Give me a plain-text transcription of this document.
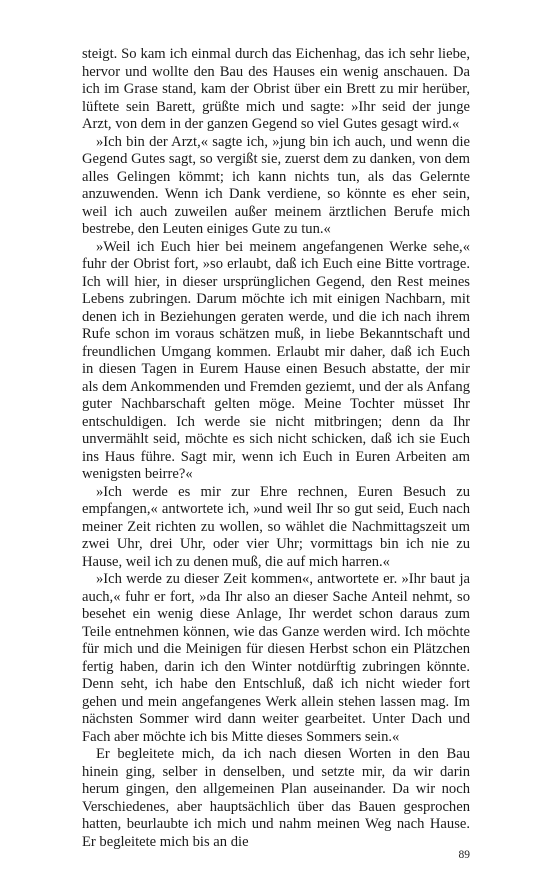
steigt. So kam ich einmal durch das Eichenhag, das ich sehr liebe, hervor und wollte den Bau des Hauses ein wenig anschauen. Da ich im Grase stand, kam der Obrist über ein Brett zu mir herüber, lüftete sein Barett, grüßte mich und sagte: »Ihr seid der junge Arzt, von dem in der ganzen Gegend so viel Gutes gesagt wird.«

»Ich bin der Arzt,« sagte ich, »jung bin ich auch, und wenn die Gegend Gutes sagt, so vergißt sie, zuerst dem zu danken, von dem alles Gelingen kömmt; ich kann nichts tun, als das Gelernte anzuwenden. Wenn ich Dank verdiene, so könnte es eher sein, weil ich auch zuweilen außer meinem ärztlichen Berufe mich bestrebe, den Leuten einiges Gute zu tun.«

»Weil ich Euch hier bei meinem angefangenen Werke sehe,« fuhr der Obrist fort, »so erlaubt, daß ich Euch eine Bitte vortrage. Ich will hier, in dieser ursprünglichen Gegend, den Rest meines Lebens zubringen. Darum möchte ich mit einigen Nachbarn, mit denen ich in Beziehungen geraten werde, und die ich nach ihrem Rufe schon im voraus schätzen muß, in liebe Bekanntschaft und freundlichen Umgang kommen. Erlaubt mir daher, daß ich Euch in diesen Tagen in Eurem Hause einen Besuch abstatte, der mir als dem Ankommenden und Fremden geziemt, und der als Anfang guter Nachbarschaft gelten möge. Meine Tochter müsset Ihr entschuldigen. Ich werde sie nicht mitbringen; denn da Ihr unvermählt seid, möchte es sich nicht schicken, daß ich sie Euch ins Haus führe. Sagt mir, wenn ich Euch in Euren Arbeiten am wenigsten beirre?«

»Ich werde es mir zur Ehre rechnen, Euren Besuch zu empfangen,« antwortete ich, »und weil Ihr so gut seid, Euch nach meiner Zeit richten zu wollen, so wählet die Nachmittagszeit um zwei Uhr, drei Uhr, oder vier Uhr; vormittags bin ich nie zu Hause, weil ich zu denen muß, die auf mich harren.«

»Ich werde zu dieser Zeit kommen«, antwortete er. »Ihr baut ja auch,« fuhr er fort, »da Ihr also an dieser Sache Anteil nehmt, so besehet ein wenig diese Anlage, Ihr werdet schon daraus zum Teile entnehmen können, wie das Ganze werden wird. Ich möchte für mich und die Meinigen für diesen Herbst schon ein Plätzchen fertig haben, darin ich den Winter notdürftig zubringen könnte. Denn seht, ich habe den Entschluß, daß ich nicht wieder fort gehen und mein angefangenes Werk allein stehen lassen mag. Im nächsten Sommer wird dann weiter gearbeitet. Unter Dach und Fach aber möchte ich bis Mitte dieses Sommers sein.«

Er begleitete mich, da ich nach diesen Worten in den Bau hinein ging, selber in denselben, und setzte mir, da wir darin herum gingen, den allgemeinen Plan auseinander. Da wir noch Verschiedenes, aber hauptsächlich über das Bauen gesprochen hatten, beurlaubte ich mich und nahm meinen Weg nach Hause. Er begleitete mich bis an die

89
